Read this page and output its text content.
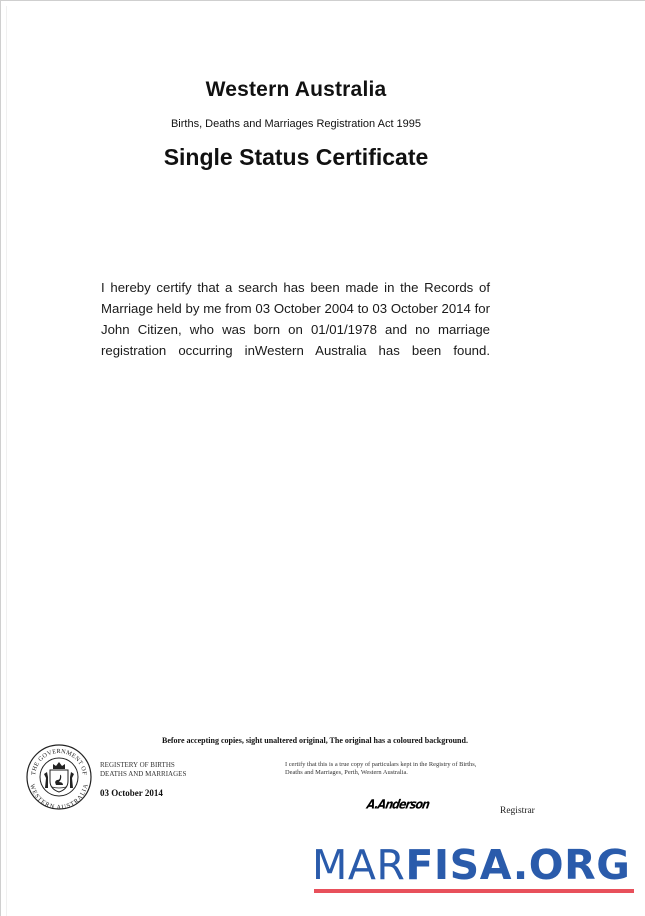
Western Australia
Births, Deaths and Marriages Registration Act 1995
Single Status Certificate
I hereby certify that a search has been made in the Records of
Marriage held by me from 03 October 2004 to 03 October 2014 for
John Citizen, who was born on 01/01/1978 and no marriage
registration occurring inWestern Australia has been found.
Before accepting copies, sight unaltered original, The original has a coloured background.
THE GOVERNMENT OF
WESTERN AUSTRALIA
REGISTERY OF BIRTHS
DEATHS AND MARRIAGES
03 October 2014
I certify that this is a true copy of particulars kept in the Registry of Births,
Deaths and Marriages, Perth, Western Australia.
A.Anderson	Registrar
MARFISA.ORG
